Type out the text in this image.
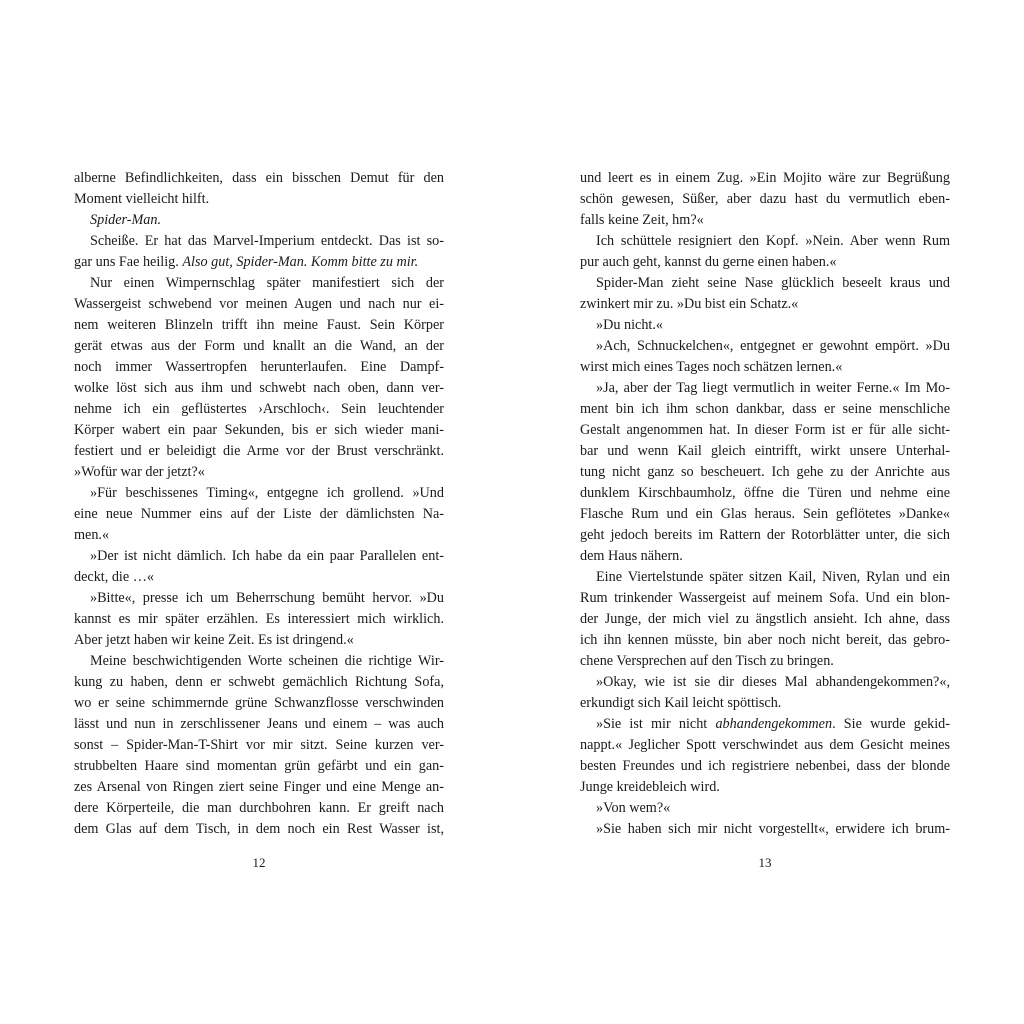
alberne Befindlichkeiten, dass ein bisschen Demut für den
Moment vielleicht hilft.
Spider-Man.
Scheiße. Er hat das Marvel-Imperium entdeckt. Das ist so-
gar uns Fae heilig. Also gut, Spider-Man. Komm bitte zu mir.
Nur einen Wimpernschlag später manifestiert sich der
Wassergeist schwebend vor meinen Augen und nach nur ei-
nem weiteren Blinzeln trifft ihn meine Faust. Sein Körper
gerät etwas aus der Form und knallt an die Wand, an der
noch immer Wassertropfen herunterlaufen. Eine Dampf-
wolke löst sich aus ihm und schwebt nach oben, dann ver-
nehme ich ein geflüstertes ›Arschloch‹. Sein leuchtender
Körper wabert ein paar Sekunden, bis er sich wieder mani-
festiert und er beleidigt die Arme vor der Brust verschränkt.
»Wofür war der jetzt?«
»Für beschissenes Timing«, entgegne ich grollend. »Und
eine neue Nummer eins auf der Liste der dämlichsten Na-
men.«
»Der ist nicht dämlich. Ich habe da ein paar Parallelen ent-
deckt, die …«
»Bitte«, presse ich um Beherrschung bemüht hervor. »Du
kannst es mir später erzählen. Es interessiert mich wirklich.
Aber jetzt haben wir keine Zeit. Es ist dringend.«
Meine beschwichtigenden Worte scheinen die richtige Wir-
kung zu haben, denn er schwebt gemächlich Richtung Sofa,
wo er seine schimmernde grüne Schwanzflosse verschwinden
lässt und nun in zerschlissener Jeans und einem – was auch
sonst – Spider-Man-T-Shirt vor mir sitzt. Seine kurzen ver-
strubbelten Haare sind momentan grün gefärbt und ein gan-
zes Arsenal von Ringen ziert seine Finger und eine Menge an-
dere Körperteile, die man durchbohren kann. Er greift nach
dem Glas auf dem Tisch, in dem noch ein Rest Wasser ist,
12
und leert es in einem Zug. »Ein Mojito wäre zur Begrüßung
schön gewesen, Süßer, aber dazu hast du vermutlich eben-
falls keine Zeit, hm?«
Ich schüttele resigniert den Kopf. »Nein. Aber wenn Rum
pur auch geht, kannst du gerne einen haben.«
Spider-Man zieht seine Nase glücklich beseelt kraus und
zwinkert mir zu. »Du bist ein Schatz.«
»Du nicht.«
»Ach, Schnuckelchen«, entgegnet er gewohnt empört. »Du
wirst mich eines Tages noch schätzen lernen.«
»Ja, aber der Tag liegt vermutlich in weiter Ferne.« Im Mo-
ment bin ich ihm schon dankbar, dass er seine menschliche
Gestalt angenommen hat. In dieser Form ist er für alle sicht-
bar und wenn Kail gleich eintrifft, wirkt unsere Unterhal-
tung nicht ganz so bescheuert. Ich gehe zu der Anrichte aus
dunklem Kirschbaumholz, öffne die Türen und nehme eine
Flasche Rum und ein Glas heraus. Sein geflötetes »Danke«
geht jedoch bereits im Rattern der Rotorblätter unter, die sich
dem Haus nähern.
Eine Viertelstunde später sitzen Kail, Niven, Rylan und ein
Rum trinkender Wassergeist auf meinem Sofa. Und ein blon-
der Junge, der mich viel zu ängstlich ansieht. Ich ahne, dass
ich ihn kennen müsste, bin aber noch nicht bereit, das gebro-
chene Versprechen auf den Tisch zu bringen.
»Okay, wie ist sie dir dieses Mal abhandengekommen?«,
erkundigt sich Kail leicht spöttisch.
»Sie ist mir nicht abhandengekommen. Sie wurde gekid-
nappt.« Jeglicher Spott verschwindet aus dem Gesicht meines
besten Freundes und ich registriere nebenbei, dass der blonde
Junge kreidebleich wird.
»Von wem?«
»Sie haben sich mir nicht vorgestellt«, erwidere ich brum-
13
